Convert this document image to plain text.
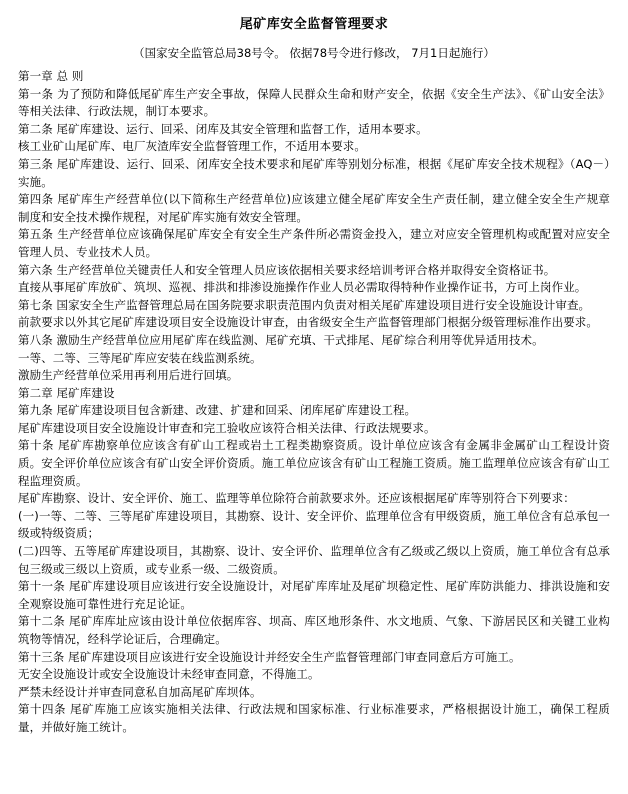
尾矿库安全监督管理要求
（国家安全监管总局38号令。 依据78号令进行修改， 7月1日起施行）

第一章 总 则

第一条 为了预防和降低尾矿库生产安全事故，保障人民群众生命和财产安全，依据《安全生产法》、《矿山安全法》等相关法律、行政法规，制订本要求。

第二条 尾矿库建设、运行、回采、闭库及其安全管理和监督工作，适用本要求。

核工业矿山尾矿库、电厂灰渣库安全监督管理工作，不适用本要求。

第三条 尾矿库建设、运行、回采、闭库安全技术要求和尾矿库等别划分标准，根据《尾矿库安全技术规程》（AQ－）实施。

第四条 尾矿库生产经营单位(以下简称生产经营单位)应该建立健全尾矿库安全生产责任制，建立健全安全生产规章制度和安全技术操作规程，对尾矿库实施有效安全管理。

第五条 生产经营单位应该确保尾矿库安全有安全生产条件所必需资金投入，建立对应安全管理机构或配置对应安全管理人员、专业技术人员。

第六条 生产经营单位关键责任人和安全管理人员应该依据相关要求经培训考评合格并取得安全资格证书。

直接从事尾矿库放矿、筑坝、巡视、排洪和排渗设施操作作业人员必需取得特种作业操作证书，方可上岗作业。

第七条 国家安全生产监督管理总局在国务院要求职责范围内负责对相关尾矿库建设项目进行安全设施设计审查。

前款要求以外其它尾矿库建设项目安全设施设计审查，由省级安全生产监督管理部门根据分级管理标准作出要求。

第八条 激励生产经营单位应用尾矿库在线监测、尾矿充填、干式排尾、尾矿综合利用等优异适用技术。

一等、二等、三等尾矿库应安装在线监测系统。

激励生产经营单位采用再利用后进行回填。

第二章 尾矿库建设

第九条 尾矿库建设项目包含新建、改建、扩建和回采、闭库尾矿库建设工程。

尾矿库建设项目安全设施设计审查和完工验收应该符合相关法律、行政法规要求。

第十条 尾矿库勘察单位应该含有矿山工程或岩土工程类勘察资质。设计单位应该含有金属非金属矿山工程设计资质。安全评价单位应该含有矿山安全评价资质。施工单位应该含有矿山工程施工资质。施工监理单位应该含有矿山工程监理资质。

尾矿库勘察、设计、安全评价、施工、监理等单位除符合前款要求外。还应该根据尾矿库等别符合下列要求：

(一)一等、二等、三等尾矿库建设项目，其勘察、设计、安全评价、监理单位含有甲级资质，施工单位含有总承包一级或特级资质；

(二)四等、五等尾矿库建设项目，其勘察、设计、安全评价、监理单位含有乙级或乙级以上资质，施工单位含有总承包三级或三级以上资质，或专业系一级、二级资质。

第十一条 尾矿库建设项目应该进行安全设施设计，对尾矿库库址及尾矿坝稳定性、尾矿库防洪能力、排洪设施和安全观察设施可靠性进行充足论证。

第十二条 尾矿库库址应该由设计单位依据库容、坝高、库区地形条件、水文地质、气象、下游居民区和关键工业构筑物等情况，经科学论证后，合理确定。

第十三条 尾矿库建设项目应该进行安全设施设计并经安全生产监督管理部门审查同意后方可施工。

无安全设施设计或安全设施设计未经审查同意，不得施工。

严禁未经设计并审查同意私自加高尾矿库坝体。

第十四条 尾矿库施工应该实施相关法律、行政法规和国家标准、行业标准要求，严格根据设计施工，确保工程质量，并做好施工统计。
